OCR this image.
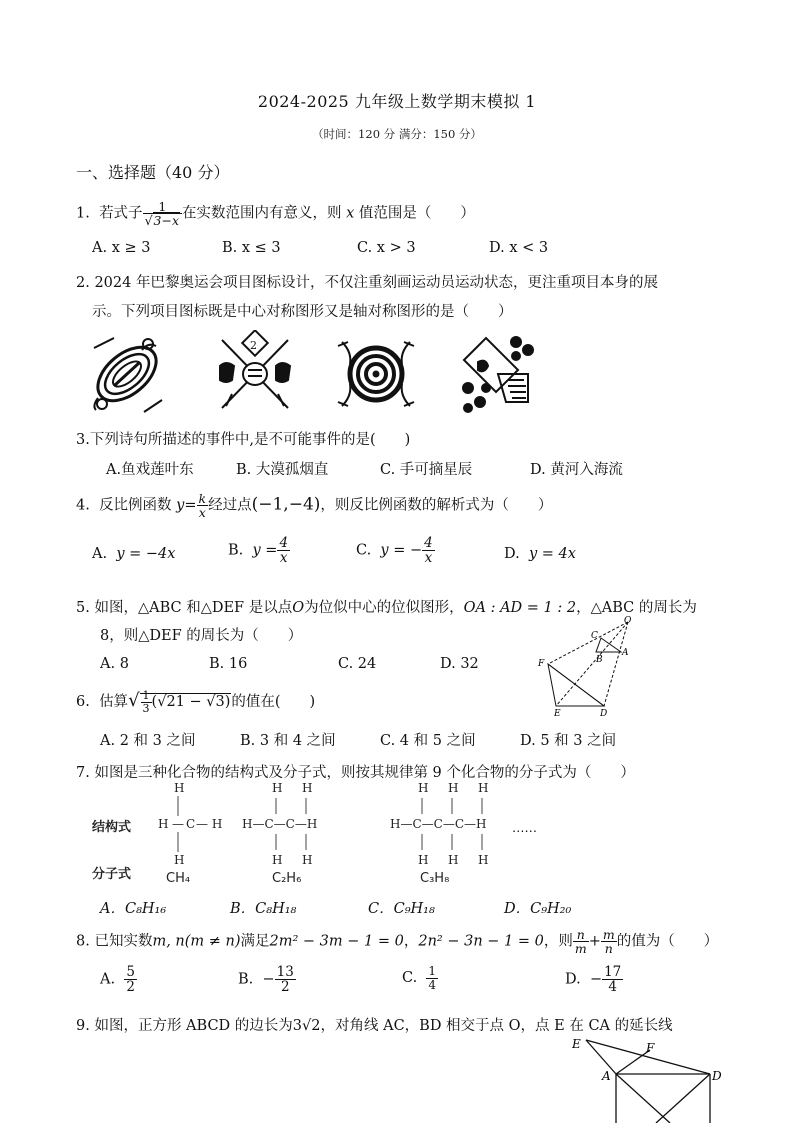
2024-2025 九年级上数学期末模拟 1
（时间：120 分 满分：150 分）
一、选择题（40 分）
1. 若式子 $\frac{1}{√3-x}$ 在实数范围内有意义，则 x 值范围是（　　）
A. x ≥ 3	B. x ≤ 3	C. x > 3	D. x < 3
2. 2024 年巴黎奥运会项目图标设计，不仅注重刻画运动员运动状态，更注重项目本身的展
示。下列项目图标既是中心对称图形又是轴对称图形的是（　　）
2
3.下列诗句所描述的事件中,是不可能事件的是(　　)
A.鱼戏莲叶东	B. 大漠孤烟直	C. 手可摘星辰	D. 黄河入海流
4. 反比例函数 $y= \frac{k}{x}$ 经过点(−1,−4)，则反比例函数的解析式为（　　）
A. y = −4x	B. $y = \frac{4}{x}$	C. y = − $\frac{4}{x}$	D. y = 4x
5. 如图，△ABC 和△DEF 是以点O为位似中心的位似图形，OA : AD = 1 : 2，△ABC 的周长为
8，则△DEF 的周长为（　　）
A. 8	B. 16	C. 24	D. 32
O
C
B
A
F
E	D
6. 估算√ $\frac{1}{3} (√21 - √3)$的值在(　　)
A. 2 和 3 之间	B. 3 和 4 之间	C. 4 和 5 之间	D. 5 和 3 之间
7. 如图是三种化合物的结构式及分子式，则按其规律第 9 个化合物的分子式为（　　）
结构式
分子式
H
H — C — H
H
H H
H—C—C—H
H H
H H H
H—C—C—C—H
H H H
……
CH₄	C₂H₆	C₃H₈
A．C₈H₁₆	B．C₈H₁₈	C．C₉H₁₈	D．C₉H₂₀
8. 已知实数m, n(m ≠ n)满足2m² − 3m − 1 = 0，2n² − 3n − 1 = 0，则 $\frac{n}{m} + \frac{m}{n}$ 的值为（　　）
A. $\frac{5}{2}$	B. − $\frac{13}{2}$	C. $\frac{1}{4}$	D. − $\frac{17}{4}$
9. 如图，正方形 ABCD 的边长为3√2，对角线 AC，BD 相交于点 O，点 E 在 CA 的延长线
E	F
A	D
